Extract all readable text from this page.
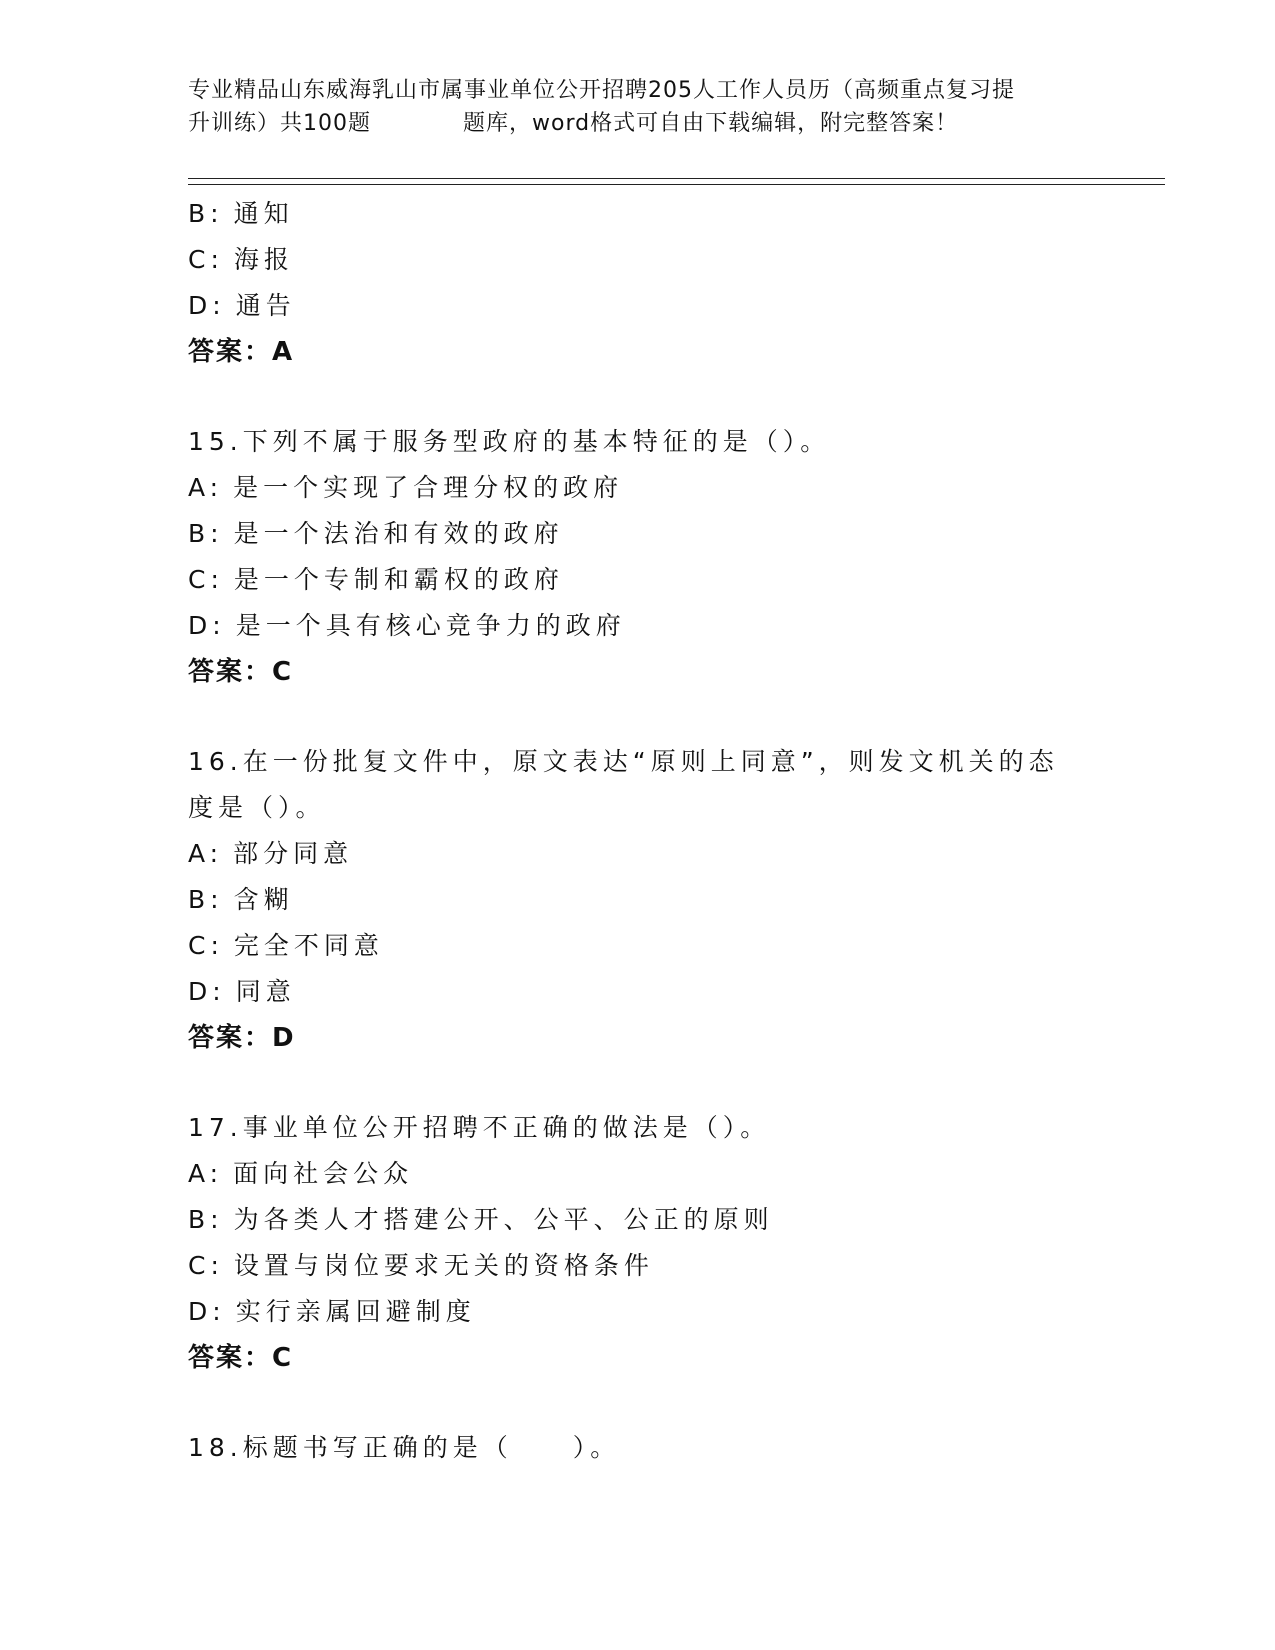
专业精品山东威海乳山市属事业单位公开招聘205人工作人员历（高频重点复习提
升训练）共100题　　　　题库，word格式可自由下载编辑，附完整答案！
B: 通知
C: 海报
D: 通告
答案：A
15.下列不属于服务型政府的基本特征的是（）。
A: 是一个实现了合理分权的政府
B: 是一个法治和有效的政府
C: 是一个专制和霸权的政府
D: 是一个具有核心竞争力的政府
答案：C
16.在一份批复文件中，原文表达“原则上同意”，则发文机关的态度是（）。
A: 部分同意
B: 含糊
C: 完全不同意
D: 同意
答案：D
17.事业单位公开招聘不正确的做法是（）。
A: 面向社会公众
B: 为各类人才搭建公开、公平、公正的原则
C: 设置与岗位要求无关的资格条件
D: 实行亲属回避制度
答案：C
18.标题书写正确的是（　　）。
